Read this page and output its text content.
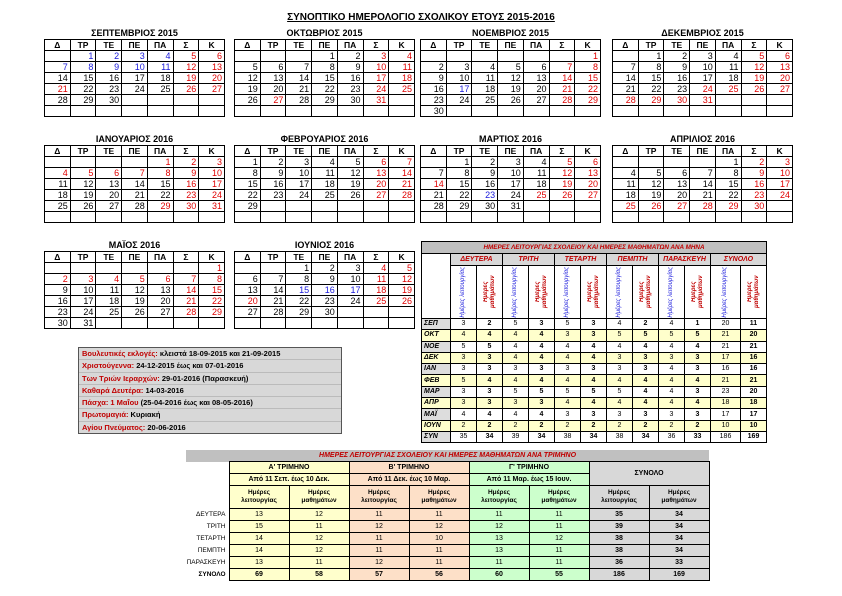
ΣΥΝΟΠΤΙΚΟ ΗΜΕΡΟΛΟΓΙΟ ΣΧΟΛΙΚΟΥ ΕΤΟΥΣ 2015-2016
ΣΕΠΤΕΜΒΡΙΟΣ 2015
Δ	ΤΡ	ΤΕ	ΠΕ	ΠΑ	Σ	Κ
	1	2	3	4	5	6
7	8	9	10	11	12	13
14	15	16	17	18	19	20
21	22	23	24	25	26	27
28	29	30				

ΟΚΤΩΒΡΙΟΣ 2015
Δ	ΤΡ	ΤΕ	ΠΕ	ΠΑ	Σ	Κ
			1	2	3	4
5	6	7	8	9	10	11
12	13	14	15	16	17	18
19	20	21	22	23	24	25
26	27	28	29	30	31	

ΝΟΕΜΒΡΙΟΣ 2015
Δ	ΤΡ	ΤΕ	ΠΕ	ΠΑ	Σ	Κ
						1
2	3	4	5	6	7	8
9	10	11	12	13	14	15
16	17	18	19	20	21	22
23	24	25	26	27	28	29
30						
ΔΕΚΕΜΒΡΙΟΣ 2015
Δ	ΤΡ	ΤΕ	ΠΕ	ΠΑ	Σ	Κ
	1	2	3	4	5	6
7	8	9	10	11	12	13
14	15	16	17	18	19	20
21	22	23	24	25	26	27
28	29	30	31			

ΙΑΝΟΥΑΡΙΟΣ 2016
Δ	ΤΡ	ΤΕ	ΠΕ	ΠΑ	Σ	Κ
				1	2	3
4	5	6	7	8	9	10
11	12	13	14	15	16	17
18	19	20	21	22	23	24
25	26	27	28	29	30	31

ΦΕΒΡΟΥΑΡΙΟΣ 2016
Δ	ΤΡ	ΤΕ	ΠΕ	ΠΑ	Σ	Κ
1	2	3	4	5	6	7
8	9	10	11	12	13	14
15	16	17	18	19	20	21
22	23	24	25	26	27	28
29						

ΜΑΡΤΙΟΣ 2016
Δ	ΤΡ	ΤΕ	ΠΕ	ΠΑ	Σ	Κ
	1	2	3	4	5	6
7	8	9	10	11	12	13
14	15	16	17	18	19	20
21	22	23	24	25	26	27
28	29	30	31			

ΑΠΡΙΛΙΟΣ 2016
Δ	ΤΡ	ΤΕ	ΠΕ	ΠΑ	Σ	Κ
				1	2	3
4	5	6	7	8	9	10
11	12	13	14	15	16	17
18	19	20	21	22	23	24
25	26	27	28	29	30	

ΜΑΪΟΣ 2016
Δ	ΤΡ	ΤΕ	ΠΕ	ΠΑ	Σ	Κ
						1
2	3	4	5	6	7	8
9	10	11	12	13	14	15
16	17	18	19	20	21	22
23	24	25	26	27	28	29
30	31					
ΙΟΥΝΙΟΣ 2016
Δ	ΤΡ	ΤΕ	ΠΕ	ΠΑ	Σ	Κ
		1	2	3	4	5
6	7	8	9	10	11	12
13	14	15	16	17	18	19
20	21	22	23	24	25	26
27	28	29	30			

Βουλευτικές εκλογές: κλειστά 18-09-2015 και 21-09-2015
Χριστούγεννα: 24-12-2015 έως και 07-01-2016
Των Τριών Ιεραρχών: 29-01-2016 (Παρασκευή)
Καθαρά Δευτέρα: 14-03-2016
Πάσχα: 1 Μαΐου (25-04-2016 έως και 08-05-2016)
Πρωτομαγιά: Κυριακή
Αγίου Πνεύματος: 20-06-2016
ΗΜΕΡΕΣ ΛΕΙΤΟΥΡΓΙΑΣ ΣΧΟΛΕΙΟΥ ΚΑΙ ΗΜΕΡΕΣ ΜΑΘΗΜΑΤΩΝ ΑΝΑ ΜΗΝΑ												
	ΔΕΥΤΕΡΑ		ΤΡΙΤΗ		ΤΕΤΑΡΤΗ		ΠΕΜΠΤΗ		ΠΑΡΑΣΚΕΥΗ		ΣΥΝΟΛΟ	

	Ημέρες λειτουργίας	Ημέρες μαθημάτων	Ημέρες λειτουργίας	Ημέρες μαθημάτων	Ημέρες λειτουργίας	Ημέρες μαθημάτων	Ημέρες λειτουργίας	Ημέρες μαθημάτων	Ημέρες λειτουργίας	Ημέρες μαθημάτων	Ημέρες λειτουργίας	Ημέρες μαθημάτων

ΣΕΠ	3	2	5	3	5	3	4	2	4	1	20	11
ΟΚΤ	4	4	4	4	3	3	5	5	5	5	21	20
ΝΟΕ	5	5	4	4	4	4	4	4	4	4	21	21
ΔΕΚ	3	3	4	4	4	4	3	3	3	3	17	16
ΙΑΝ	3	3	3	3	3	3	3	3	4	3	16	16
ΦΕΒ	5	4	4	4	4	4	4	4	4	4	21	21
ΜΑΡ	3	3	5	5	5	5	5	4	4	3	23	20
ΑΠΡ	3	3	3	3	4	4	4	4	4	4	18	18
ΜΑΪ	4	4	4	4	3	3	3	3	3	3	17	17
ΙΟΥΝ	2	2	2	2	2	2	2	2	2	2	10	10
ΣΥΝ	35	34	39	34	38	34	38	34	36	33	186	169
ΗΜΕΡΕΣ ΛΕΙΤΟΥΡΓΙΑΣ ΣΧΟΛΕΙΟΥ ΚΑΙ ΗΜΕΡΕΣ ΜΑΘΗΜΑΤΩΝ ΑΝΑ ΤΡΙΜΗΝΟ								
	Α' ΤΡΙΜΗΝΟ		Β' ΤΡΙΜΗΝΟ		Γ' ΤΡΙΜΗΝΟ		ΣΥΝΟΛΟ	
	Από 11 Σεπ. έως 10 Δεκ.		Από 11 Δεκ. έως 10 Μαρ.		Από 11 Μαρ. έως 15 Ιουν.			
	Ημέρες λειτουργίας	Ημέρες μαθημάτων	Ημέρες λειτουργίας	Ημέρες μαθημάτων	Ημέρες λειτουργίας	Ημέρες μαθημάτων	Ημέρες λειτουργίας	Ημέρες μαθημάτων
ΔΕΥΤΕΡΑ	13	12	11	11	11	11	35	34
ΤΡΙΤΗ	15	11	12	12	12	11	39	34
ΤΕΤΑΡΤΗ	14	12	11	10	13	12	38	34
ΠΕΜΠΤΗ	14	12	11	11	13	11	38	34
ΠΑΡΑΣΚΕΥΗ	13	11	12	11	11	11	36	33
ΣΥΝΟΛΟ	69	58	57	56	60	55	186	169
